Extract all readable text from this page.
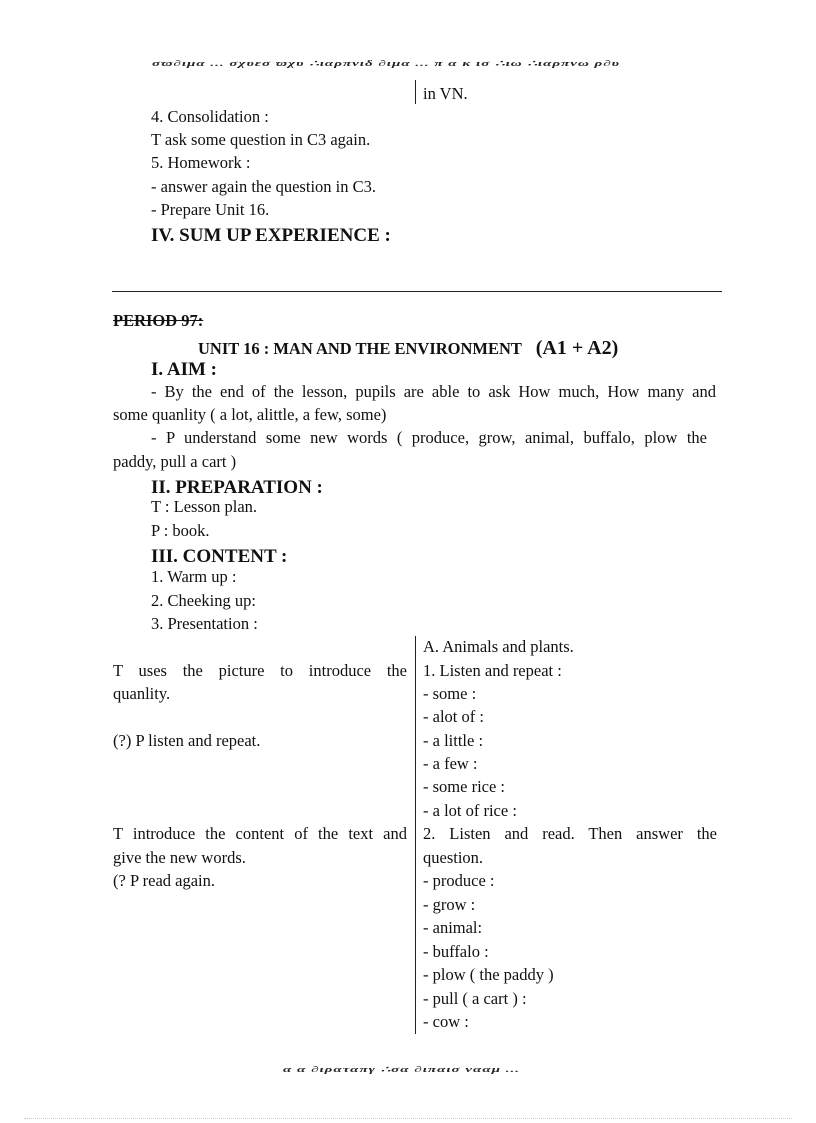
σϖ∂ιμα ... σχυεσ ϖχυ ∴ιαρπνιδ ∂ιμα ... π α κ ισ ∴ιω ∴ιαρπνω ρ∂υ
in VN.
4. Consolidation :
T ask some question in C3 again.
5. Homework :
- answer again the question in C3.
- Prepare Unit 16.
IV. SUM UP EXPERIENCE :
PERIOD 97:
UNIT 16 : MAN AND THE ENVIRONMENT (A1 + A2)
I. AIM :
- By the end of the lesson, pupils are able to ask How much, How many and
some quanlity ( a lot, alittle, a few, some)
- P understand some new words ( produce, grow, animal, buffalo, plow the
paddy, pull a cart )
II. PREPARATION :
T : Lesson plan.
P : book.
III. CONTENT :
1. Warm up :
2. Cheeking up:
3. Presentation :
T uses the picture to introduce the
quanlity.
(?) P listen and repeat.
T introduce the content of the text and
give the new words.
(? P read again.
A. Animals and plants.
1. Listen and repeat :
- some :
- alot of :
- a little :
- a few :
- some rice :
- a lot of rice :
2. Listen and read. Then answer the
question.
- produce :
- grow :
- animal:
- buffalo :
- plow ( the paddy )
- pull ( a cart ) :
- cow :
α α ∂ιραταπγ ∴σα ∂ιπαισ νααμ ...
